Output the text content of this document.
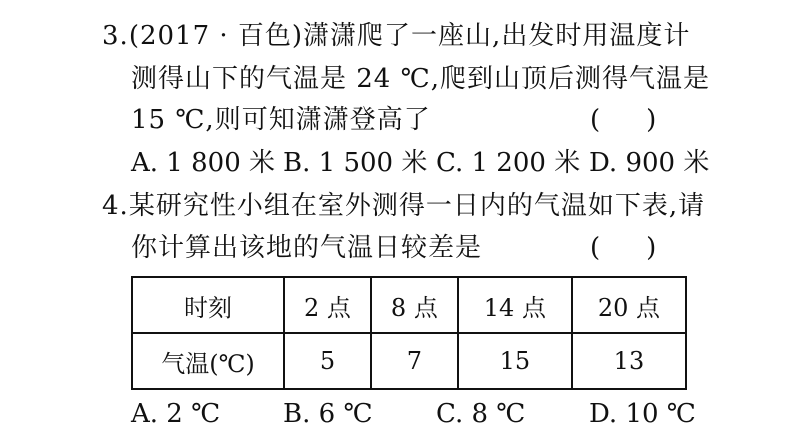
3.(2017 · 百色)潇潇爬了一座山,出发时用温度计
测得山下的气温是 24 ℃,爬到山顶后测得气温是
15 ℃,则可知潇潇登高了	( )
A. 1 800 米 B. 1 500 米 C. 1 200 米 D. 900 米
4.某研究性小组在室外测得一日内的气温如下表,请
你计算出该地的气温日较差是	( )
时刻	2 点	8 点	14 点	20 点
气温(℃)	5	7	15	13
A. 2 ℃ B. 6 ℃ C. 8 ℃ D. 10 ℃
